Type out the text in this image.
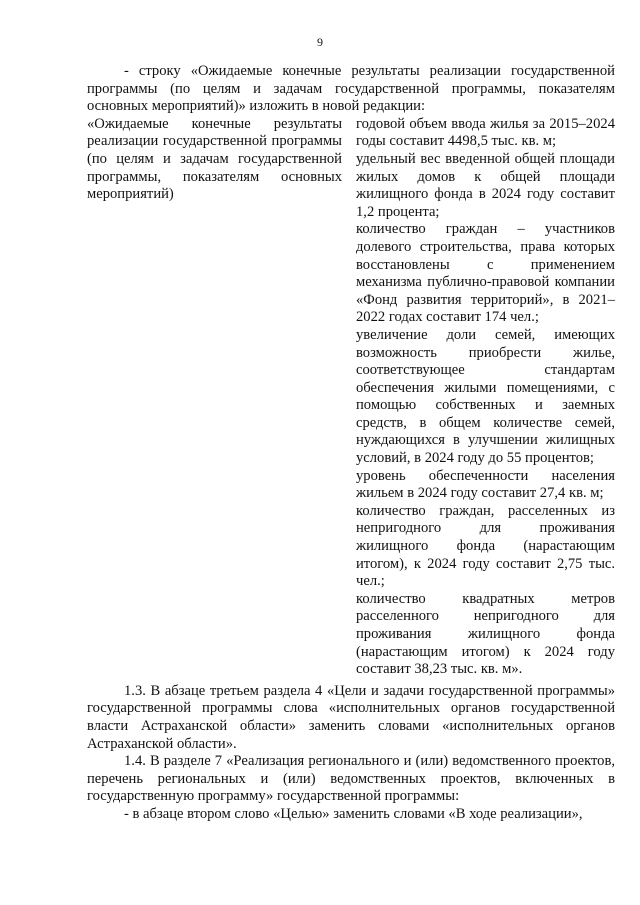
9

- строку «Ожидаемые конечные результаты реализации государственной программы (по целям и задачам государственной программы, показателям основных мероприятий)» изложить в новой редакции:

«Ожидаемые конечные результаты реализации государственной программы (по целям и задачам государственной программы, показателям основных мероприятий)

годовой объем ввода жилья за 2015–2024 годы составит 4498,5 тыс. кв. м;

удельный вес введенной общей площади жилых домов к общей площади жилищного фонда в 2024 году составит 1,2 процента;

количество граждан – участников долевого строительства, права которых восстановлены с применением механизма публично-правовой компании «Фонд развития территорий», в 2021–2022 годах составит 174 чел.;

увеличение доли семей, имеющих возможность приобрести жилье, соответствующее стандартам обеспечения жилыми помещениями, с помощью собственных и заемных средств, в общем количестве семей, нуждающихся в улучшении жилищных условий, в 2024 году до 55 процентов;

уровень обеспеченности населения жильем в 2024 году составит 27,4 кв. м;

количество граждан, расселенных из непригодного для проживания жилищного фонда (нарастающим итогом), к 2024 году составит 2,75 тыс. чел.;

количество квадратных метров расселенного непригодного для проживания жилищного фонда (нарастающим итогом) к 2024 году составит 38,23 тыс. кв. м».

1.3. В абзаце третьем раздела 4 «Цели и задачи государственной программы» государственной программы слова «исполнительных органов государственной власти Астраханской области» заменить словами «исполнительных органов Астраханской области».

1.4. В разделе 7 «Реализация регионального и (или) ведомственного проектов, перечень региональных и (или) ведомственных проектов, включенных в государственную программу» государственной программы:

- в абзаце втором слово «Целью» заменить словами «В ходе реализации»,
